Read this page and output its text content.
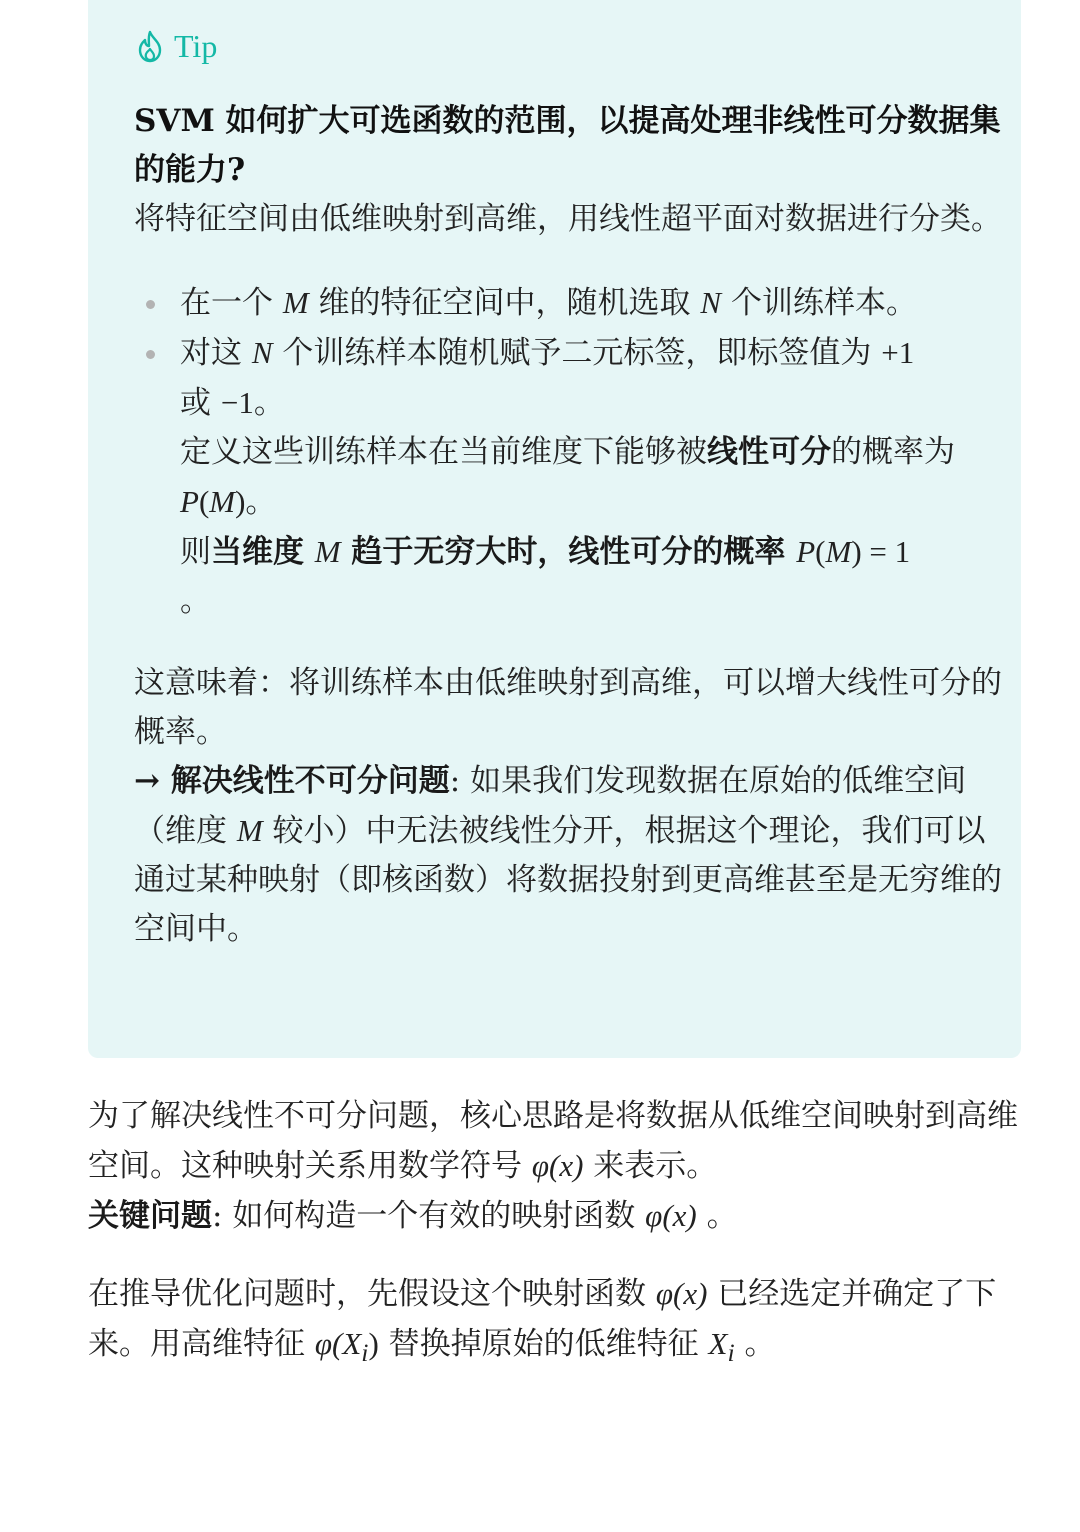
Tip

SVM 如何扩大可选函数的范围，以提高处理非线性可分数据集的能力?

将特征空间由低维映射到高维，用线性超平面对数据进行分类。

在一个 M 维的特征空间中，随机选取 N 个训练样本。
对这 N 个训练样本随机赋予二元标签，即标签值为 +1
或 −1。
定义这些训练样本在当前维度下能够被线性可分的概率为
P(M)。
则当维度 M 趋于无穷大时，线性可分的概率 P(M) = 1
。

这意味着：将训练样本由低维映射到高维，可以增大线性可分的概率。

→ 解决线性不可分问题: 如果我们发现数据在原始的低维空间（维度 M 较小）中无法被线性分开，根据这个理论，我们可以通过某种映射（即核函数）将数据投射到更高维甚至是无穷维的空间中。

为了解决线性不可分问题，核心思路是将数据从低维空间映射到高维空间。这种映射关系用数学符号 φ(x) 来表示。
关键问题: 如何构造一个有效的映射函数 φ(x) 。

在推导优化问题时，先假设这个映射函数 φ(x) 已经选定并确定了下来。用高维特征 $\varphi(X_i)$ 替换掉原始的低维特征 $X_i$ 。
